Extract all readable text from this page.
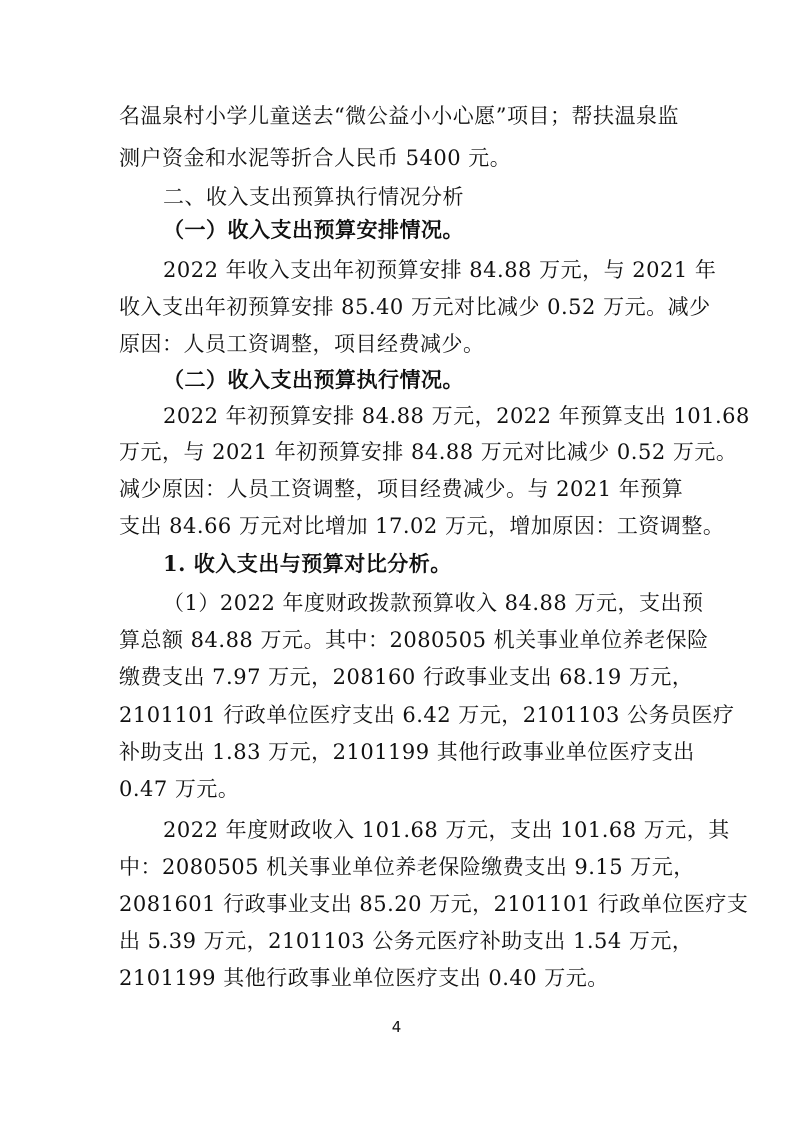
名温泉村小学儿童送去“微公益小小心愿”项目；帮扶温泉监
测户资金和水泥等折合人民币 5400 元。
二、收入支出预算执行情况分析
（一）收入支出预算安排情况。
2022 年收入支出年初预算安排 84.88 万元，与 2021 年
收入支出年初预算安排 85.40 万元对比减少 0.52 万元。减少
原因：人员工资调整，项目经费减少。
（二）收入支出预算执行情况。
2022 年初预算安排 84.88 万元，2022 年预算支出 101.68
万元，与 2021 年初预算安排 84.88 万元对比减少 0.52 万元。
减少原因：人员工资调整，项目经费减少。与 2021 年预算
支出 84.66 万元对比增加 17.02 万元，增加原因：工资调整。
1. 收入支出与预算对比分析。
（1）2022 年度财政拨款预算收入 84.88 万元，支出预
算总额 84.88 万元。其中：2080505 机关事业单位养老保险
缴费支出 7.97 万元，208160 行政事业支出 68.19 万元，
2101101 行政单位医疗支出 6.42 万元，2101103 公务员医疗
补助支出 1.83 万元，2101199 其他行政事业单位医疗支出
0.47 万元。
2022 年度财政收入 101.68 万元，支出 101.68 万元，其
中：2080505 机关事业单位养老保险缴费支出 9.15 万元，
2081601 行政事业支出 85.20 万元，2101101 行政单位医疗支
出 5.39 万元，2101103 公务元医疗补助支出 1.54 万元，
2101199 其他行政事业单位医疗支出 0.40 万元。
4
